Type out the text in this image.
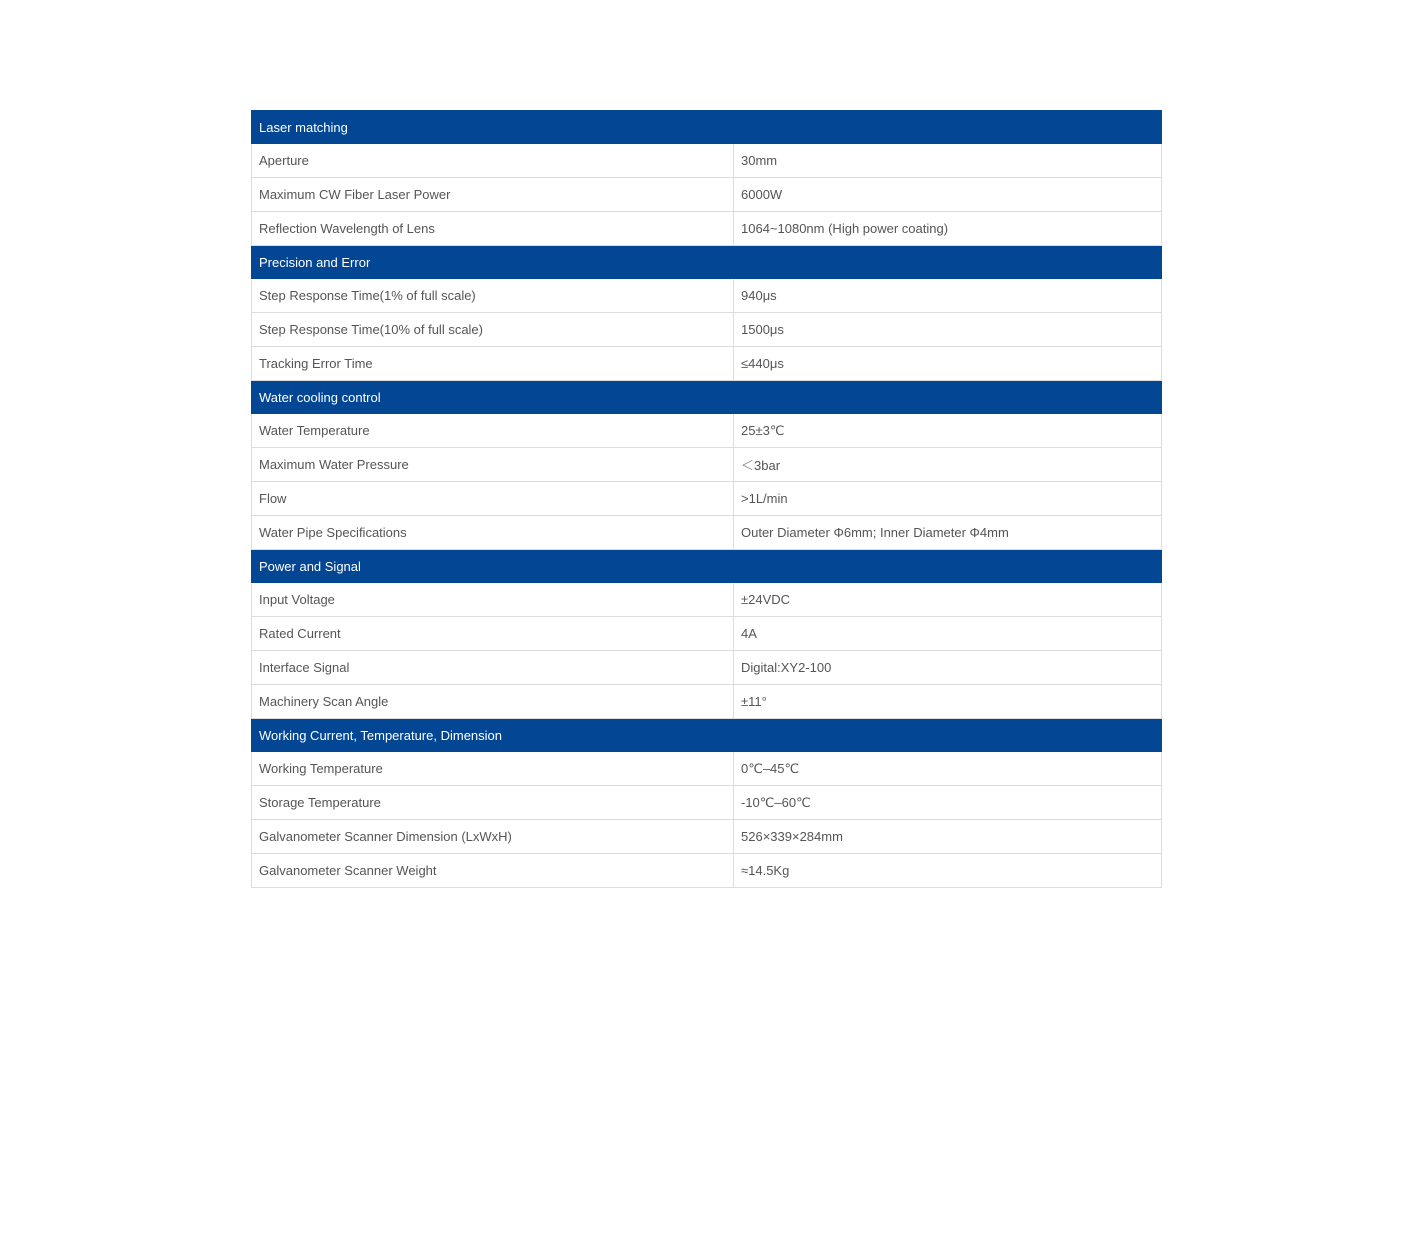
Laser matching	
Aperture	30mm
Maximum CW Fiber Laser Power	6000W
Reflection Wavelength of Lens	1064~1080nm (High power coating)
Precision and Error	
Step Response Time(1% of full scale)	940μs
Step Response Time(10% of full scale)	1500μs
Tracking Error Time	≤440μs
Water cooling control	
Water Temperature	25±3℃
Maximum Water Pressure	＜3bar
Flow	>1L/min
Water Pipe Specifications	Outer Diameter Φ6mm; Inner Diameter Φ4mm
Power and Signal	
Input Voltage	±24VDC
Rated Current	4A
Interface Signal	Digital:XY2-100
Machinery Scan Angle	±11°
Working Current, Temperature, Dimension	
Working Temperature	0℃–45℃
Storage Temperature	-10℃–60℃
Galvanometer Scanner Dimension (LxWxH)	526×339×284mm
Galvanometer Scanner Weight	≈14.5Kg
